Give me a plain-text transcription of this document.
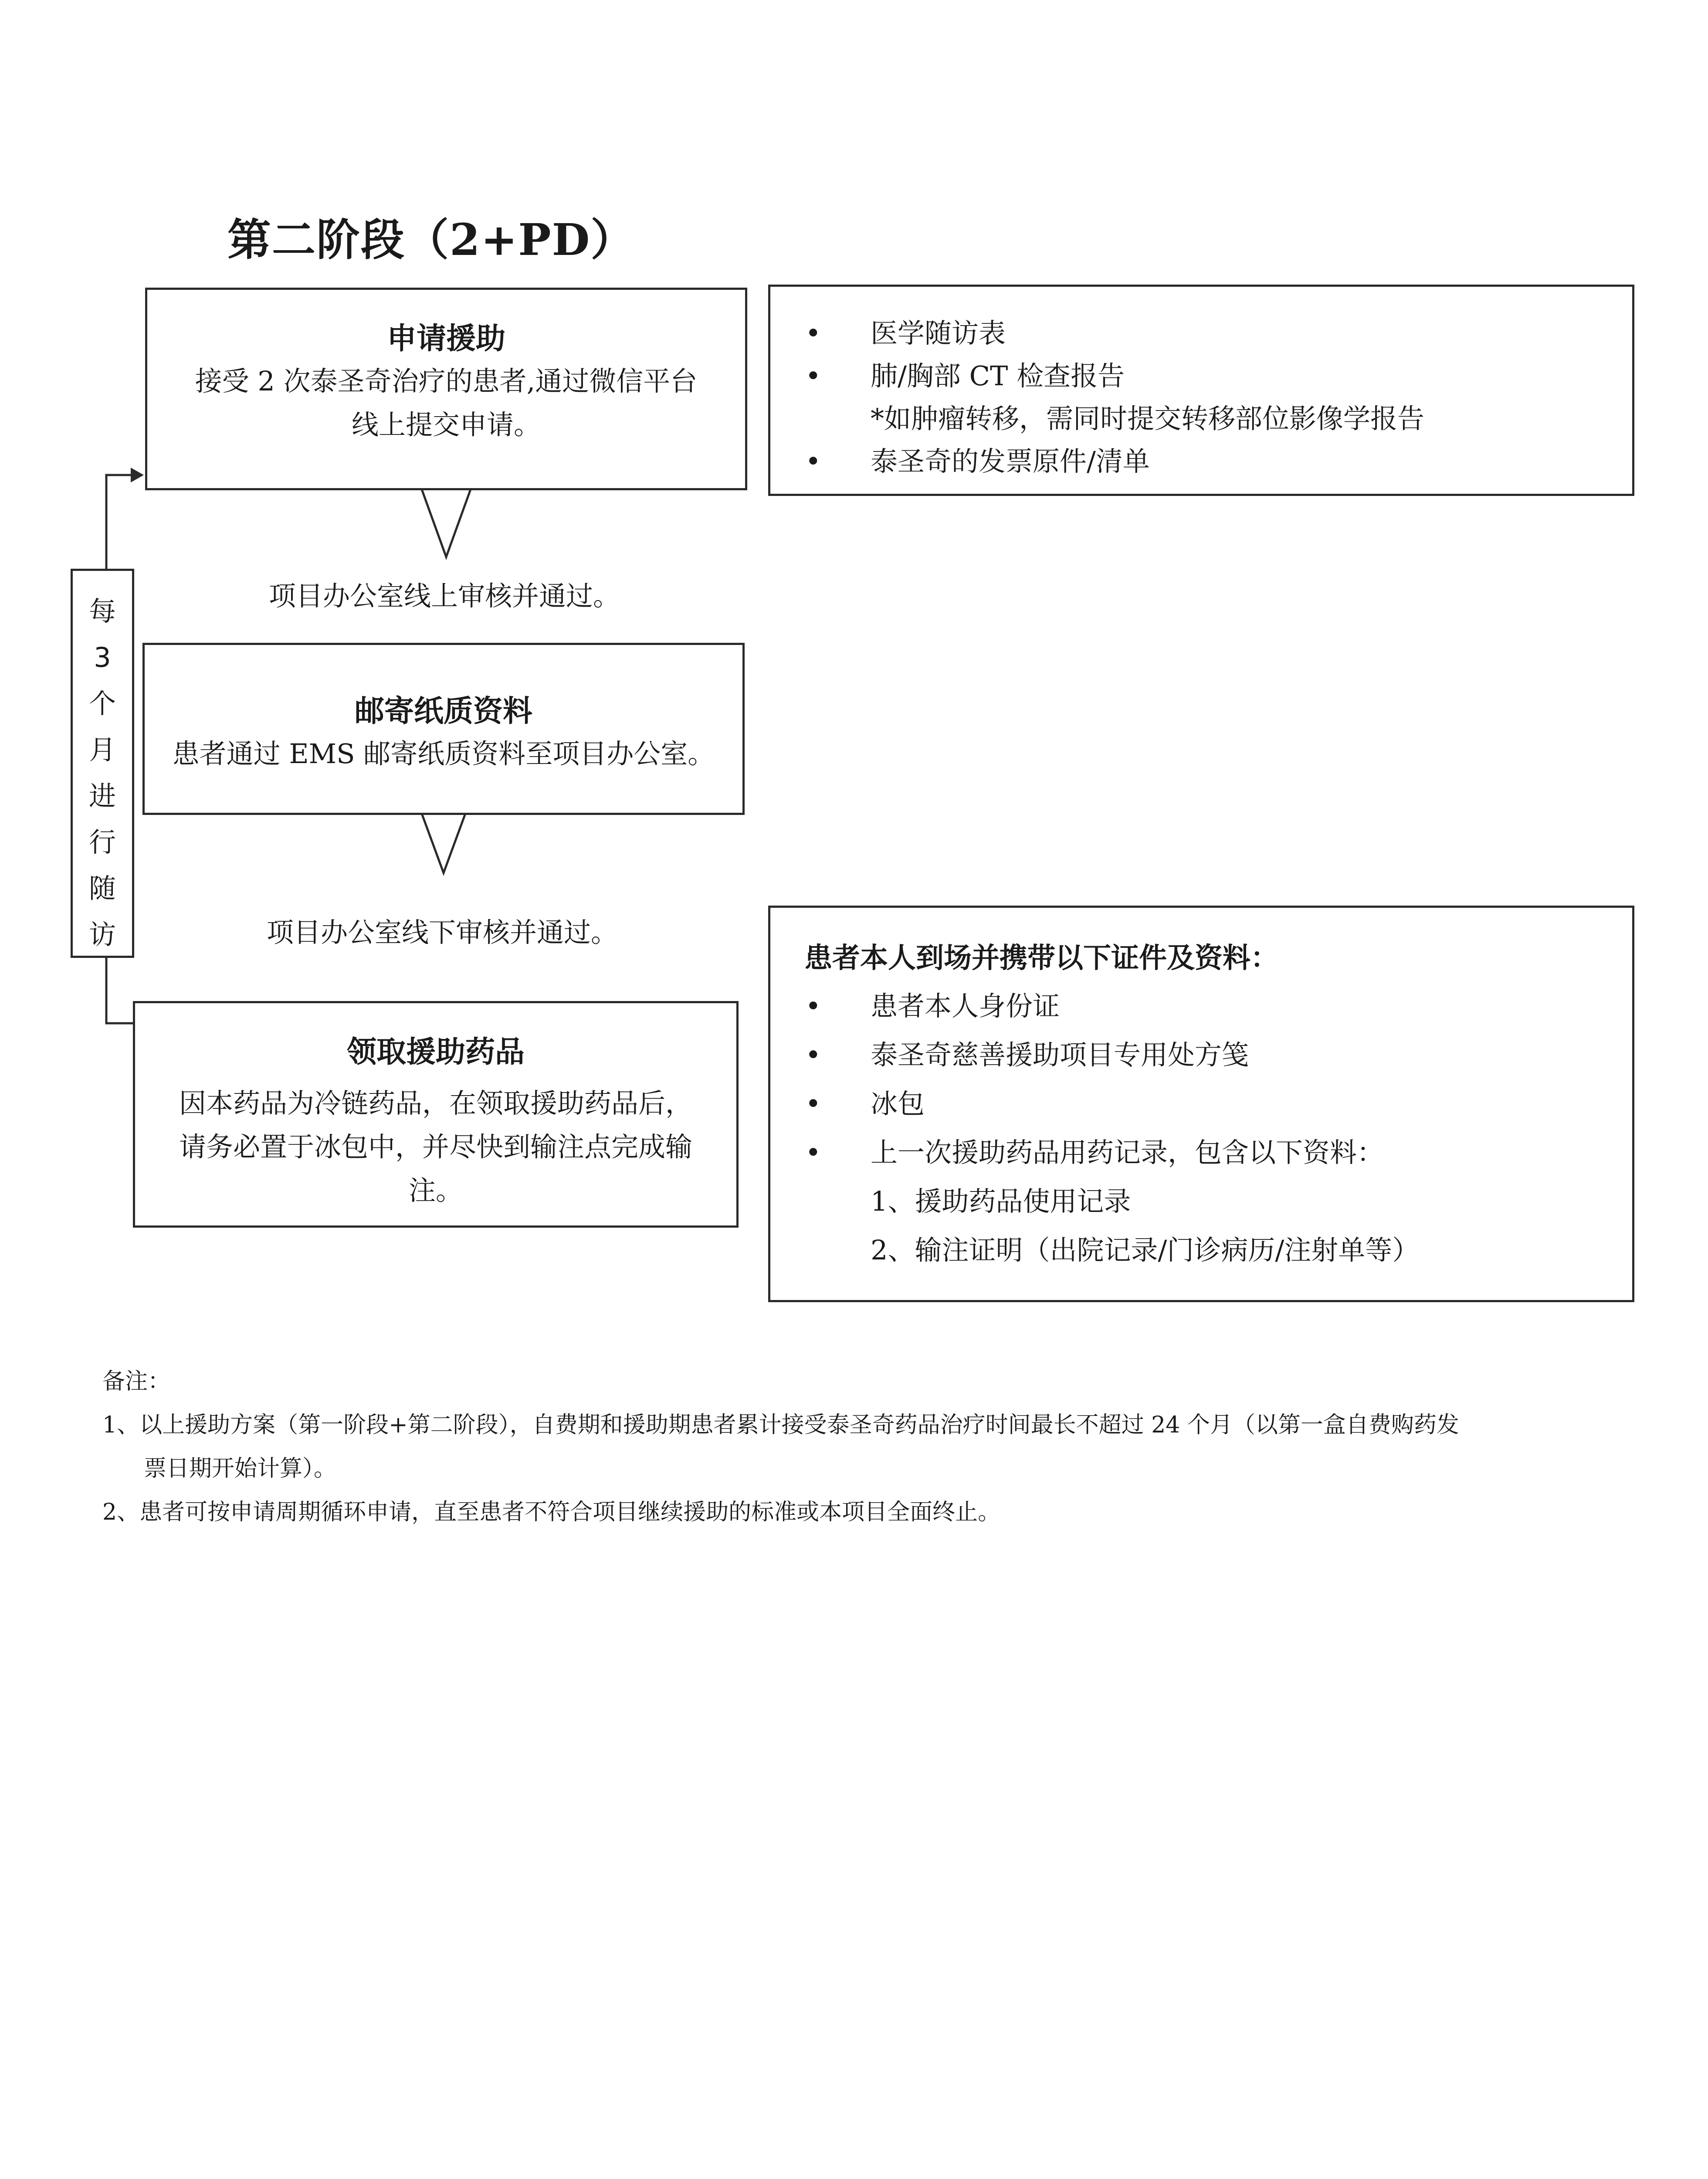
第二阶段（2+PD）
每
3
个
月
进
行
随
访
申请援助
接受 2 次泰圣奇治疗的患者,通过微信平台
线上提交申请。
项目办公室线上审核并通过。
邮寄纸质资料
患者通过 EMS 邮寄纸质资料至项目办公室。
项目办公室线下审核并通过。
领取援助药品
因本药品为冷链药品，在领取援助药品后，
请务必置于冰包中，并尽快到输注点完成输
注。
• 医学随访表
• 肺/胸部 CT 检查报告
*如肿瘤转移，需同时提交转移部位影像学报告
• 泰圣奇的发票原件/清单
患者本人到场并携带以下证件及资料：
• 患者本人身份证
• 泰圣奇慈善援助项目专用处方笺
• 冰包
• 上一次援助药品用药记录，包含以下资料：
1、援助药品使用记录
2、输注证明（出院记录/门诊病历/注射单等）
备注：
1、以上援助方案（第一阶段+第二阶段），自费期和援助期患者累计接受泰圣奇药品治疗时间最长不超过 24 个月（以第一盒自费购药发
票日期开始计算）。
2、患者可按申请周期循环申请，直至患者不符合项目继续援助的标准或本项目全面终止。
